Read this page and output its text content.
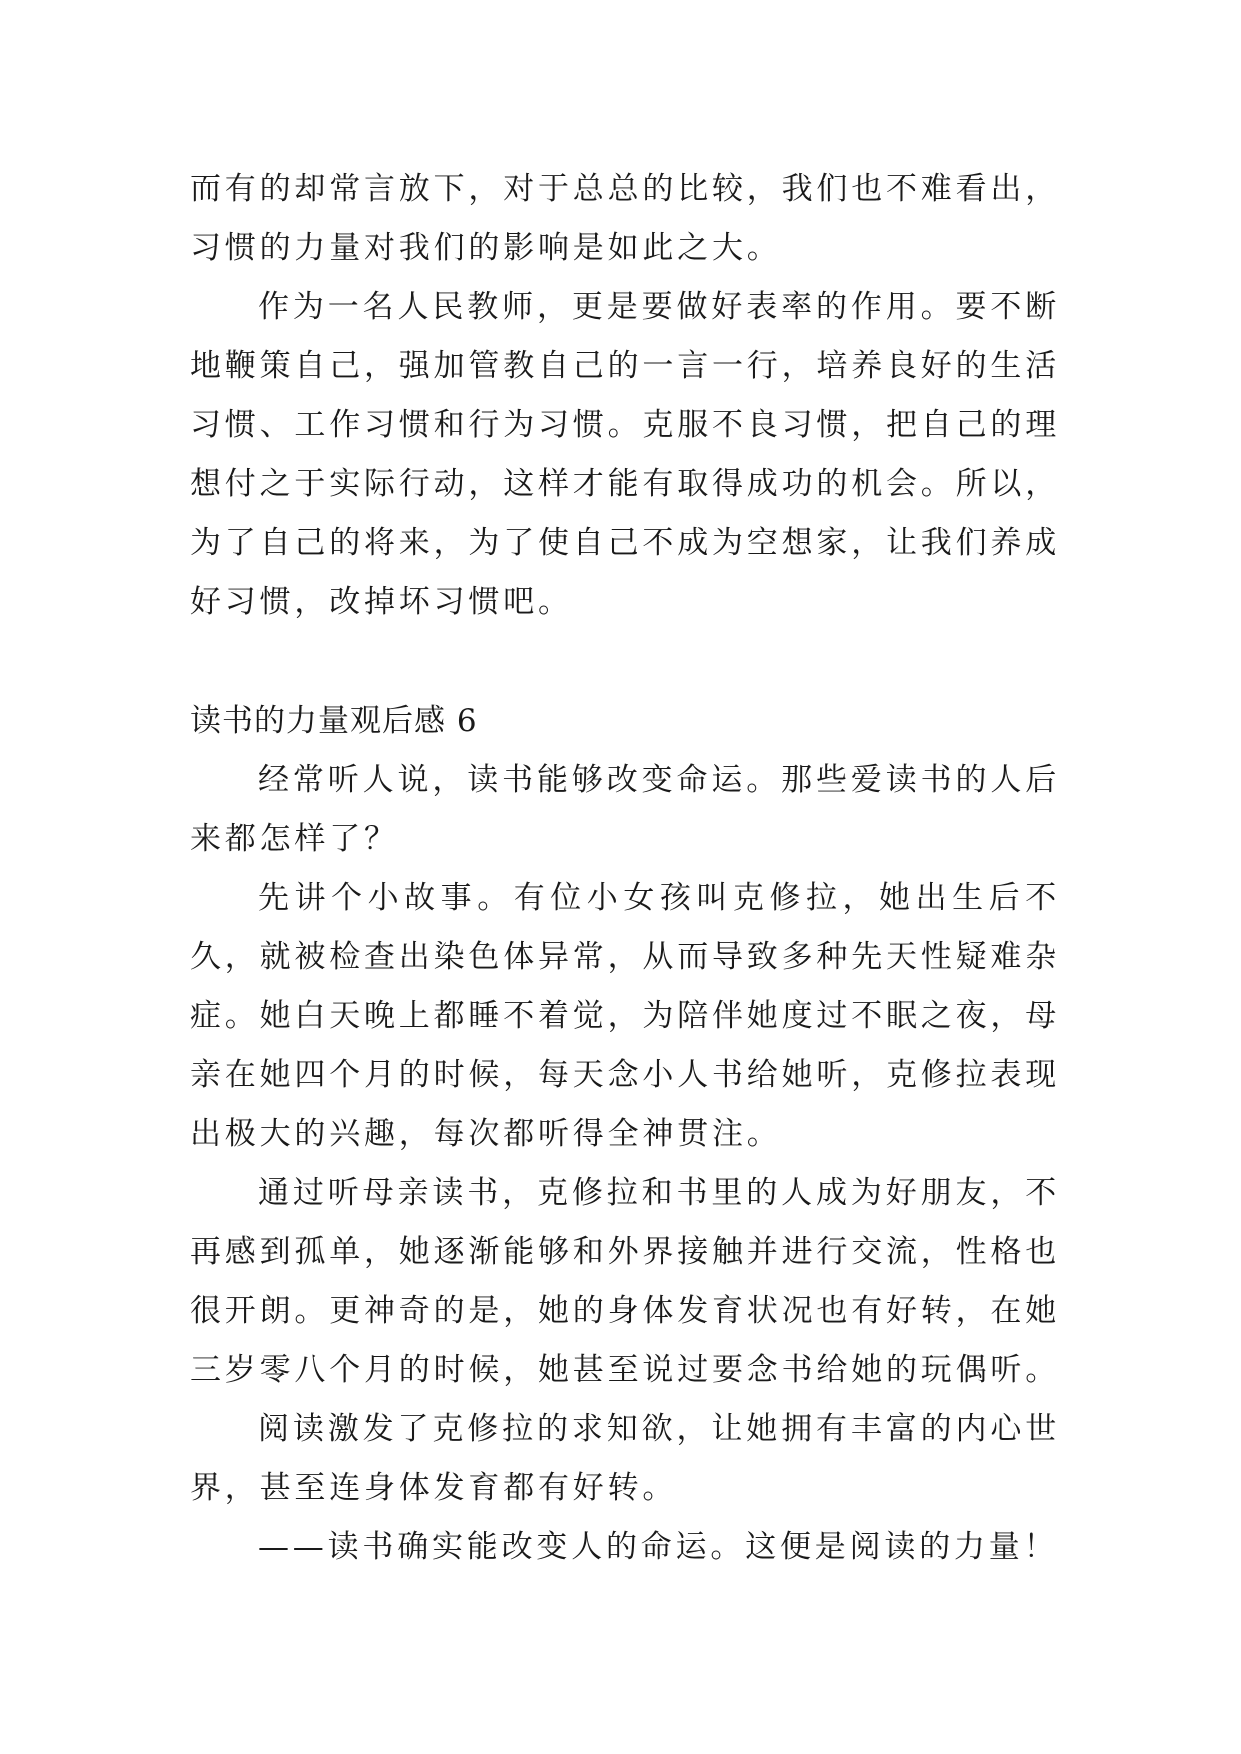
而有的却常言放下，对于总总的比较，我们也不难看出，习惯的力量对我们的影响是如此之大。

作为一名人民教师，更是要做好表率的作用。要不断地鞭策自己，强加管教自己的一言一行，培养良好的生活习惯、工作习惯和行为习惯。克服不良习惯，把自己的理想付之于实际行动，这样才能有取得成功的机会。所以，为了自己的将来，为了使自己不成为空想家，让我们养成好习惯，改掉坏习惯吧。

读书的力量观后感 6

经常听人说，读书能够改变命运。那些爱读书的人后来都怎样了？

先讲个小故事。有位小女孩叫克修拉，她出生后不久，就被检查出染色体异常，从而导致多种先天性疑难杂症。她白天晚上都睡不着觉，为陪伴她度过不眠之夜，母亲在她四个月的时候，每天念小人书给她听，克修拉表现出极大的兴趣，每次都听得全神贯注。

通过听母亲读书，克修拉和书里的人成为好朋友，不再感到孤单，她逐渐能够和外界接触并进行交流，性格也很开朗。更神奇的是，她的身体发育状况也有好转，在她三岁零八个月的时候，她甚至说过要念书给她的玩偶听。

阅读激发了克修拉的求知欲，让她拥有丰富的内心世界，甚至连身体发育都有好转。

——读书确实能改变人的命运。这便是阅读的力量！
